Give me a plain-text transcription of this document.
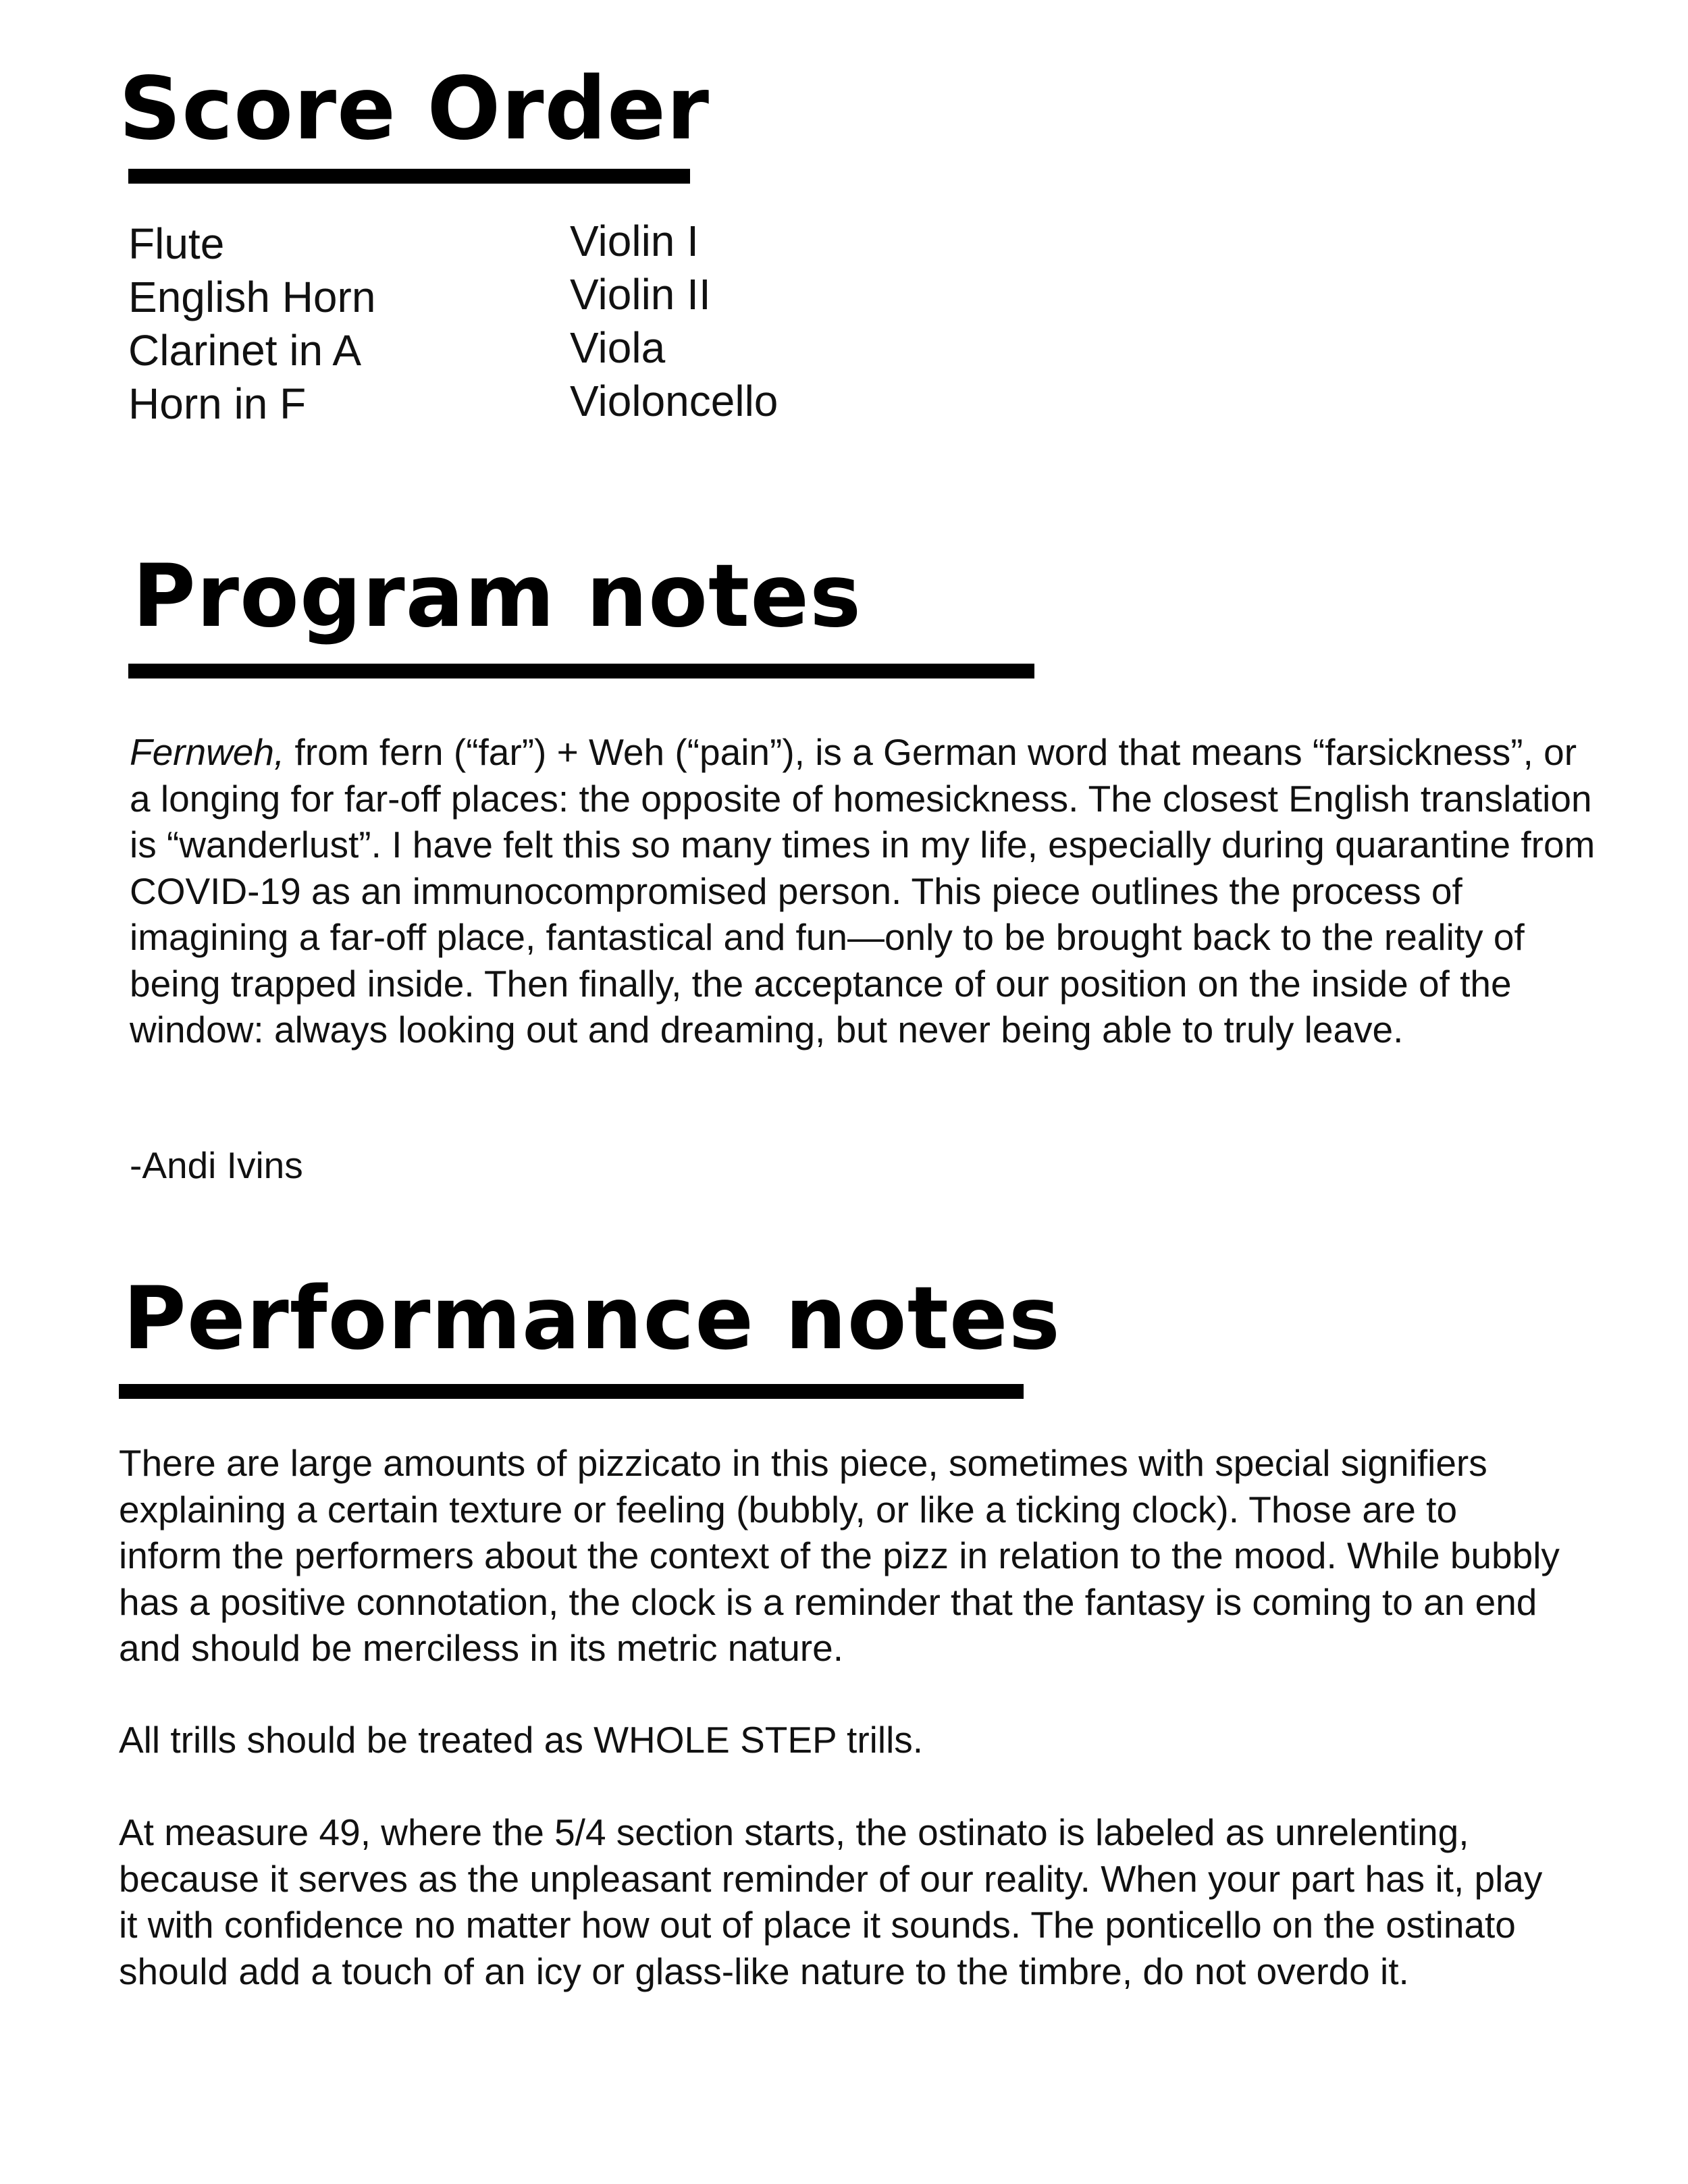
Score Order
Flute
English Horn
Clarinet in A
Horn in F
Violin I
Violin II
Viola
Violoncello
Program notes

Fernweh, from fern (“far”) + Weh (“pain”), is a German word that means “farsickness”, or a longing for far-off places: the opposite of homesickness. The closest English translation is “wanderlust”. I have felt this so many times in my life, especially during quarantine from COVID-19 as an immunocompromised person. This piece outlines the process of imagining a far-off place, fantastical and fun—only to be brought back to the reality of being trapped inside. Then finally, the acceptance of our position on the inside of the window: always looking out and dreaming, but never being able to truly leave.

-Andi Ivins

Performance notes

There are large amounts of pizzicato in this piece, sometimes with special signifiers explaining a certain texture or feeling (bubbly, or like a ticking clock). Those are to inform the performers about the context of the pizz in relation to the mood. While bubbly has a positive connotation, the clock is a reminder that the fantasy is coming to an end and should be merciless in its metric nature.

All trills should be treated as WHOLE STEP trills.

At measure 49, where the 5/4 section starts, the ostinato is labeled as unrelenting, because it serves as the unpleasant reminder of our reality. When your part has it, play it with confidence no matter how out of place it sounds. The ponticello on the ostinato should add a touch of an icy or glass-like nature to the timbre, do not overdo it.
